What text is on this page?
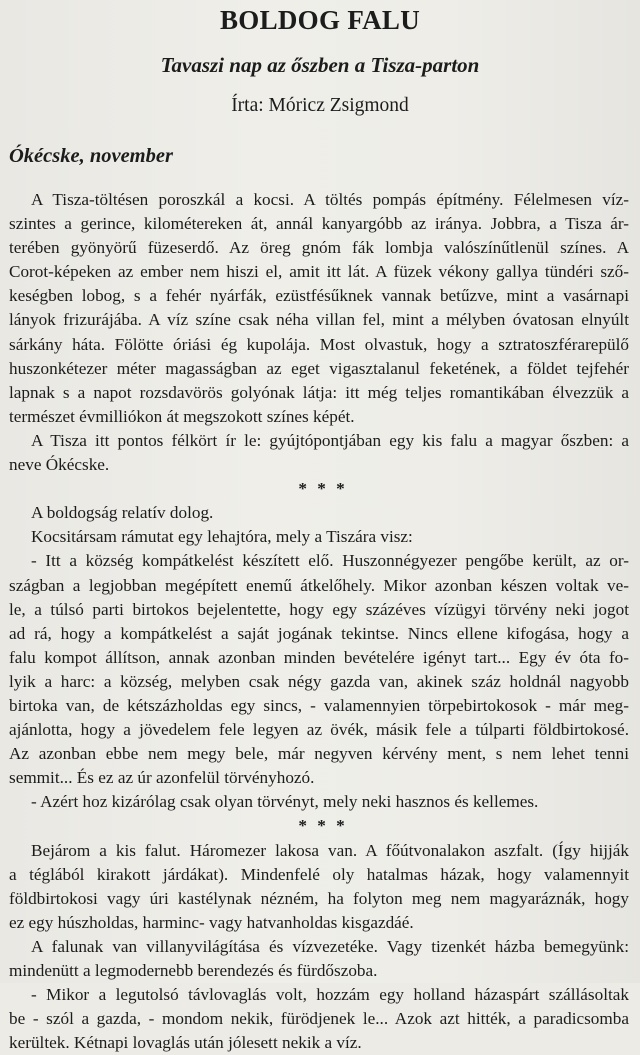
BOLDOG FALU
Tavaszi nap az őszben a Tisza-parton

Írta: Móricz Zsigmond

Ókécske, november
A Tisza-töltésen poroszkál a kocsi. A töltés pompás építmény. Félelmesen víz-
szintes a gerince, kilométereken át, annál kanyargóbb az iránya. Jobbra, a Tisza ár-
terében gyönyörű füzeserdő. Az öreg gnóm fák lombja valószínűtlenül színes. A
Corot-képeken az ember nem hiszi el, amit itt lát. A füzek vékony gallya tündéri sző-
keségben lobog, s a fehér nyárfák, ezüstfésűknek vannak betűzve, mint a vasárnapi
lányok frizurájába. A víz színe csak néha villan fel, mint a mélyben óvatosan elnyúlt
sárkány háta. Fölötte óriási ég kupolája. Most olvastuk, hogy a sztratoszférarepülő
huszonkétezer méter magasságban az eget vigasztalanul feketének, a földet tejfehér
lapnak s a napot rozsdavörös golyónak látja: itt még teljes romantikában élvezzük a
természet évmilliókon át megszokott színes képét.
A Tisza itt pontos félkört ír le: gyújtópontjában egy kis falu a magyar őszben: a
neve Ókécske.
* * *
A boldogság relatív dolog.
Kocsitársam rámutat egy lehajtóra, mely a Tiszára visz:
- Itt a község kompátkelést készített elő. Huszonnégyezer pengőbe került, az or-
szágban a legjobban megépített enemű átkelőhely. Mikor azonban készen voltak ve-
le, a túlsó parti birtokos bejelentette, hogy egy százéves vízügyi törvény neki jogot
ad rá, hogy a kompátkelést a saját jogának tekintse. Nincs ellene kifogása, hogy a
falu kompot állítson, annak azonban minden bevételére igényt tart... Egy év óta fo-
lyik a harc: a község, melyben csak négy gazda van, akinek száz holdnál nagyobb
birtoka van, de kétszázholdas egy sincs, - valamennyien törpebirtokosok - már meg-
ajánlotta, hogy a jövedelem fele legyen az övék, másik fele a túlparti földbirtokosé.
Az azonban ebbe nem megy bele, már negyven kérvény ment, s nem lehet tenni
semmit... És ez az úr azonfelül törvényhozó.
- Azért hoz kizárólag csak olyan törvényt, mely neki hasznos és kellemes.
* * *
Bejárom a kis falut. Háromezer lakosa van. A főútvonalakon aszfalt. (Így hijják
a téglából kirakott járdákat). Mindenfelé oly hatalmas házak, hogy valamennyit
földbirtokosi vagy úri kastélynak nézném, ha folyton meg nem magyaráznák, hogy
ez egy húszholdas, harminc- vagy hatvanholdas kisgazdáé.
A falunak van villanyvilágítása és vízvezetéke. Vagy tizenkét házba bemegyünk:
mindenütt a legmodernebb berendezés és fürdőszoba.
- Mikor a legutolsó távlovaglás volt, hozzám egy holland házaspárt szállásoltak
be - szól a gazda, - mondom nekik, fürödjenek le... Azok azt hitték, a paradicsomba
kerültek. Kétnapi lovaglás után jólesett nekik a víz.
